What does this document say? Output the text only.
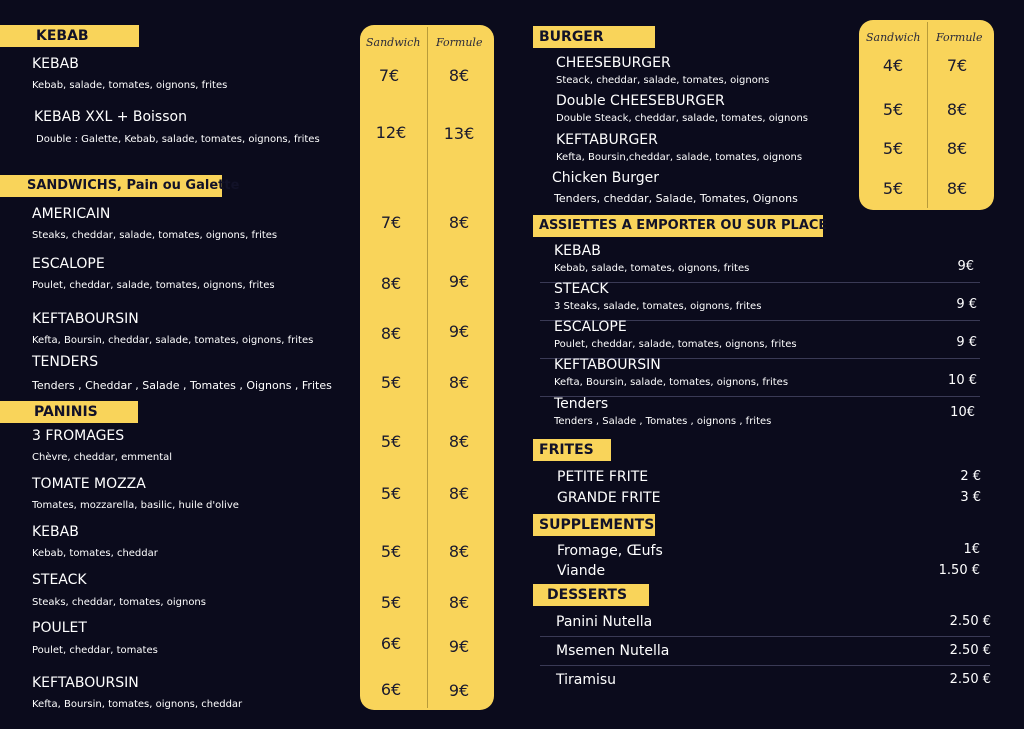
Sandwich Formule
KEBAB
KEBAB
Kebab, salade, tomates, oignons, frites
7€	8€
KEBAB XXL + Boisson
Double : Galette, Kebab, salade, tomates, oignons, frites	12€	13€
SANDWICHS, Pain ou Galette
AMERICAIN
Steaks, cheddar, salade, tomates, oignons, frites
7€	8€
ESCALOPE
Poulet, cheddar, salade, tomates, oignons, frites	8€	9€
KEFTABOURSIN
Kefta, Boursin, cheddar, salade, tomates, oignons, frites	8€	9€
TENDERS
Tenders , Cheddar , Salade , Tomates , Oignons , Frites	5€	8€
PANINIS
3 FROMAGES
Chèvre, cheddar, emmental
5€	8€
TOMATE MOZZA
Tomates, mozzarella, basilic, huile d'olive
5€	8€
KEBAB
Kebab, tomates, cheddar	5€	8€
STEACK
Steaks, cheddar, tomates, oignons	5€	8€
POULET
Poulet, cheddar, tomates	6€	9€
KEFTABOURSIN
Kefta, Boursin, tomates, oignons, cheddar
6€	9€
Sandwich Formule
BURGER
CHEESEBURGER
Steack, cheddar, salade, tomates, oignons
4€	7€
Double CHEESEBURGER
Double Steack, cheddar, salade, tomates, oignons	5€	8€
KEFTABURGER
Kefta, Boursin,cheddar, salade, tomates, oignons	5€	8€
Chicken Burger
Tenders, cheddar, Salade, Tomates, Oignons
5€	8€
ASSIETTES A EMPORTER OU SUR PLACE
KEBAB
Kebab, salade, tomates, oignons, frites	9€
STEACK
3 Steaks, salade, tomates, oignons, frites	9 €
ESCALOPE
Poulet, cheddar, salade, tomates, oignons, frites	9 €
KEFTABOURSIN
Kefta, Boursin, salade, tomates, oignons, frites	10 €
Tenders
Tenders , Salade , Tomates , oignons , frites
10€
FRITES
PETITE FRITE	2 €
GRANDE FRITE	3 €
SUPPLEMENTS
Fromage, Œufs	1€
Viande	1.50 €
DESSERTS
Panini Nutella	2.50 €
Msemen Nutella	2.50 €
Tiramisu	2.50 €
